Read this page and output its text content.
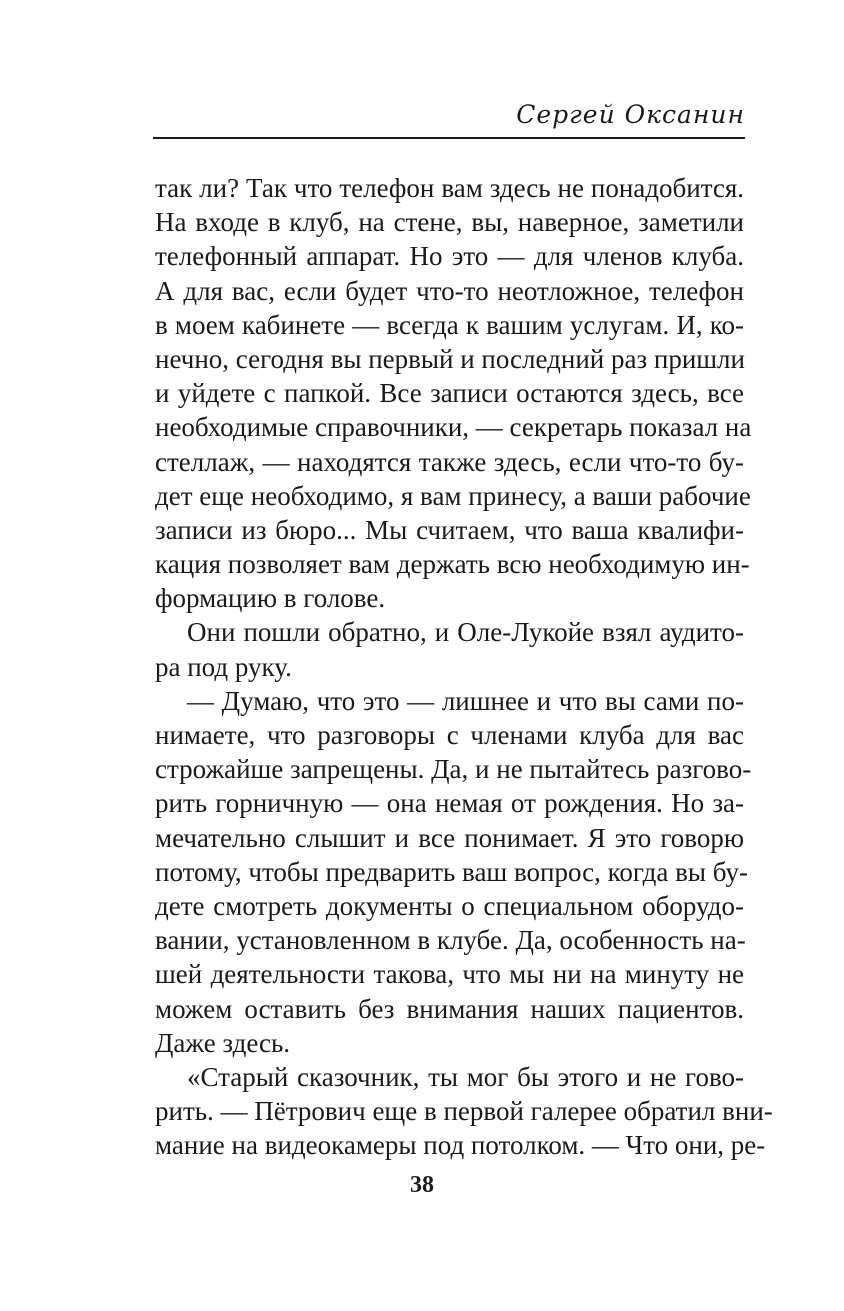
Сергей Оксанин
так ли? Так что телефон вам здесь не понадобится.
На входе в клуб, на стене, вы, наверное, заметили
телефонный аппарат. Но это — для членов клуба.
А для вас, если будет что-то неотложное, телефон
в моем кабинете — всегда к вашим услугам. И, ко-
нечно, сегодня вы первый и последний раз пришли
и уйдете с папкой. Все записи остаются здесь, все
необходимые справочники, — секретарь показал на
стеллаж, — находятся также здесь, если что-то бу-
дет еще необходимо, я вам принесу, а ваши рабочие
записи из бюро... Мы считаем, что ваша квалифи-
кация позволяет вам держать всю необходимую ин-
формацию в голове.
Они пошли обратно, и Оле-Лукойе взял аудито-
ра под руку.
— Думаю, что это — лишнее и что вы сами по-
нимаете, что разговоры с членами клуба для вас
строжайше запрещены. Да, и не пытайтесь разгово-
рить горничную — она немая от рождения. Но за-
мечательно слышит и все понимает. Я это говорю
потому, чтобы предварить ваш вопрос, когда вы бу-
дете смотреть документы о специальном оборудо-
вании, установленном в клубе. Да, особенность на-
шей деятельности такова, что мы ни на минуту не
можем оставить без внимания наших пациентов.
Даже здесь.
«Старый сказочник, ты мог бы этого и не гово-
рить. — Пётрович еще в первой галерее обратил вни-
мание на видеокамеры под потолком. — Что они, ре-
38
